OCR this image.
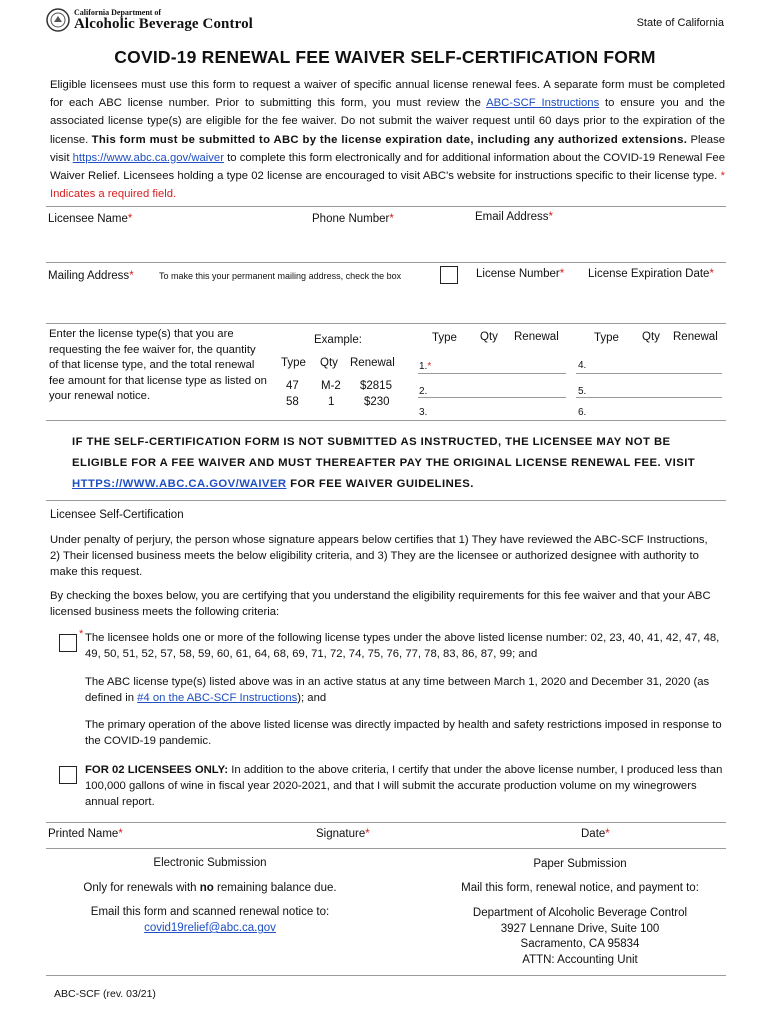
California Department of
Alcoholic Beverage Control	State of California
COVID-19 RENEWAL FEE WAIVER SELF-CERTIFICATION FORM
Eligible licensees must use this form to request a waiver of specific annual license renewal fees. A separate form must be completed for each ABC license number. Prior to submitting this form, you must review the ABC-SCF Instructions to ensure you and the associated license type(s) are eligible for the fee waiver. Do not submit the waiver request until 60 days prior to the expiration of the license. This form must be submitted to ABC by the license expiration date, including any authorized extensions. Please visit https://www.abc.ca.gov/waiver to complete this form electronically and for additional information about the COVID-19 Renewal Fee Waiver Relief. Licensees holding a type 02 license are encouraged to visit ABC's website for instructions specific to their license type. * Indicates a required field.
Licensee Name*	Phone Number*	Email Address*
Mailing Address*	To make this your permanent mailing address, check the box	License Number* License Expiration Date*
Enter the license type(s) that you are requesting the fee waiver for, the quantity of that license type, and the total renewal fee amount for that license type as listed on your renewal notice.
Example:
Type Qty Renewal
47 M-2 $2815
58	1	$230
Type Qty Renewal
1.*
2.
3.
Type Qty Renewal
4.
5.
6.
IF THE SELF-CERTIFICATION FORM IS NOT SUBMITTED AS INSTRUCTED, THE LICENSEE MAY NOT BE ELIGIBLE FOR A FEE WAIVER AND MUST THEREAFTER PAY THE ORIGINAL LICENSE RENEWAL FEE. VISIT HTTPS://WWW.ABC.CA.GOV/WAIVER FOR FEE WAIVER GUIDELINES.
Licensee Self-Certification
Under penalty of perjury, the person whose signature appears below certifies that 1) They have reviewed the ABC-SCF Instructions, 2) Their licensed business meets the below eligibility criteria, and 3) They are the licensee or authorized designee with authority to make this request.
By checking the boxes below, you are certifying that you understand the eligibility requirements for this fee waiver and that your ABC licensed business meets the following criteria:
* The licensee holds one or more of the following license types under the above listed license number: 02, 23, 40, 41, 42, 47, 48, 49, 50, 51, 52, 57, 58, 59, 60, 61, 64, 68, 69, 71, 72, 74, 75, 76, 77, 78, 83, 86, 87, 99; and
The ABC license type(s) listed above was in an active status at any time between March 1, 2020 and December 31, 2020 (as defined in #4 on the ABC-SCF Instructions); and
The primary operation of the above listed license was directly impacted by health and safety restrictions imposed in response to the COVID-19 pandemic.
FOR 02 LICENSEES ONLY: In addition to the above criteria, I certify that under the above license number, I produced less than 100,000 gallons of wine in fiscal year 2020-2021, and that I will submit the accurate production volume on my winegrowers annual report.
Printed Name*	Signature*	Date*
Electronic Submission
Only for renewals with no remaining balance due.
Email this form and scanned renewal notice to:
covid19relief@abc.ca.gov
Paper Submission
Mail this form, renewal notice, and payment to:
Department of Alcoholic Beverage Control
3927 Lennane Drive, Suite 100
Sacramento, CA 95834
ATTN: Accounting Unit
ABC-SCF (rev. 03/21)
